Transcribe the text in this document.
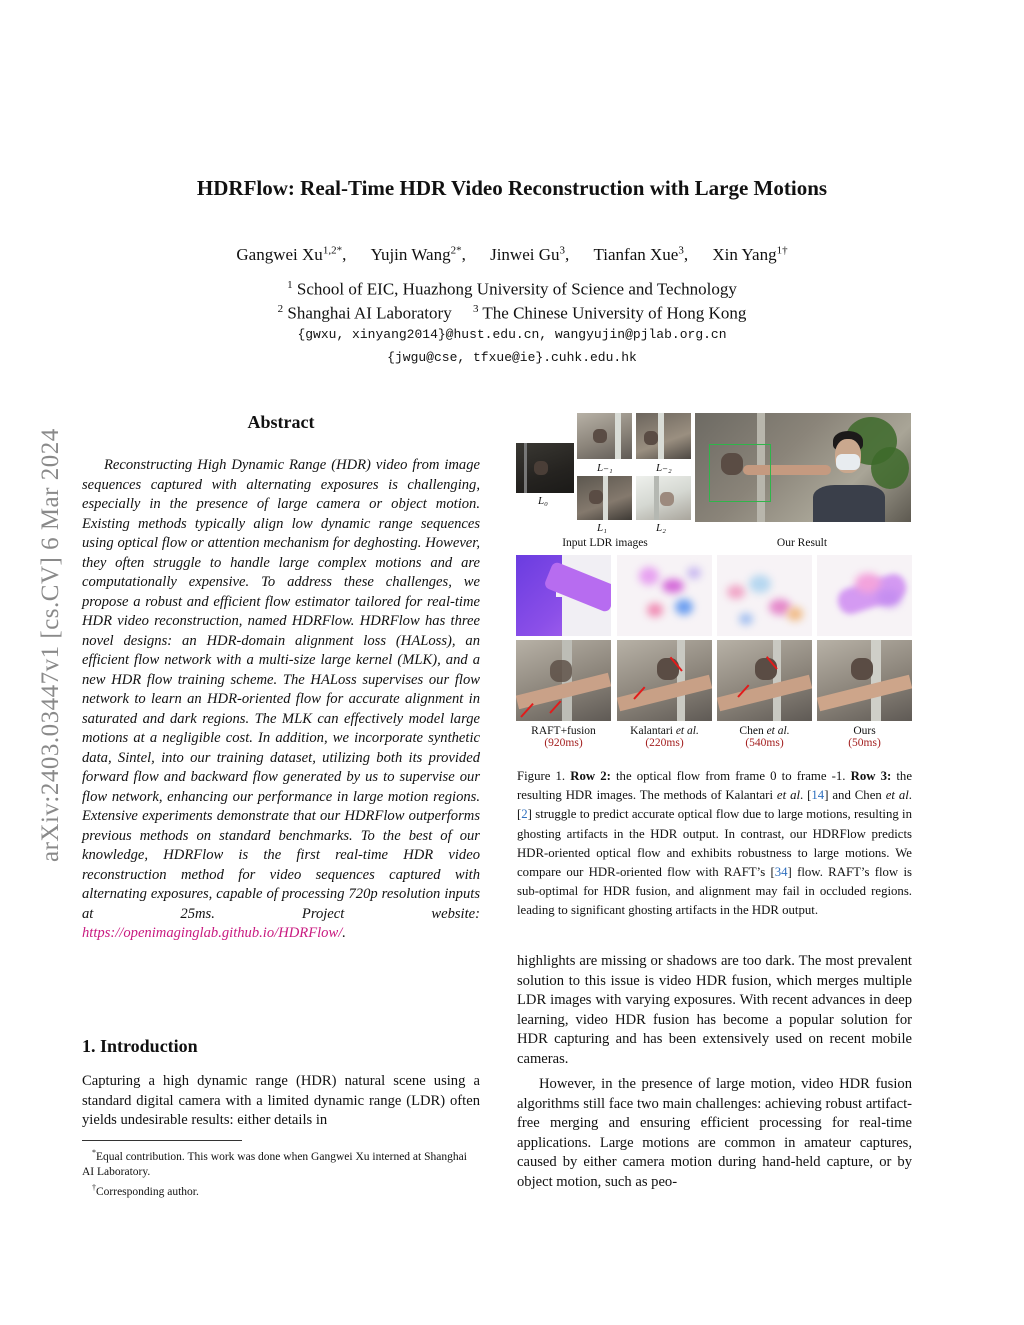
arXiv:2403.03447v1 [cs.CV] 6 Mar 2024
HDRFlow: Real-Time HDR Video Reconstruction with Large Motions
Gangwei $Xu^{1,2*}$, Yujin Wang$^{2*}$, Jinwei Gu$^3$, Tianfan Xue$^3$, Xin Yang$^{1\dagger}$
$^1$ School of EIC, Huazhong University of Science and Technology
$^2$ Shanghai AI Laboratory $^3$ The Chinese University of Hong Kong
{gwxu, xinyang2014}@hust.edu.cn, wangyujin@pjlab.org.cn
{jwgu@cse, tfxue@ie}.cuhk.edu.hk
Abstract
Reconstructing High Dynamic Range (HDR) video from image sequences captured with alternating exposures is challenging, especially in the presence of large camera or object motion. Existing methods typically align low dynamic range sequences using optical flow or attention mechanism for deghosting. However, they often struggle to handle large complex motions and are computationally expensive. To address these challenges, we propose a robust and efficient flow estimator tailored for real-time HDR video reconstruction, named HDRFlow. HDRFlow has three novel designs: an HDR-domain alignment loss (HALoss), an efficient flow network with a multi-size large kernel (MLK), and a new HDR flow training scheme. The HALoss supervises our flow network to learn an HDR-oriented flow for accurate alignment in saturated and dark regions. The MLK can effectively model large motions at a negligible cost. In addition, we incorporate synthetic data, Sintel, into our training dataset, utilizing both its provided forward flow and backward flow generated by us to supervise our flow network, enhancing our performance in large motion regions. Extensive experiments demonstrate that our HDRFlow outperforms previous methods on standard benchmarks. To the best of our knowledge, HDRFlow is the first real-time HDR video reconstruction method for video sequences captured with alternating exposures, capable of processing 720p resolution inputs at 25ms. Project website: https://openimaginglab.github.io/HDRFlow/.
1. Introduction
Capturing a high dynamic range (HDR) natural scene using a standard digital camera with a limited dynamic range (LDR) often yields undesirable results: either details in

*Equal contribution. This work was done when Gangwei Xu interned at Shanghai AI Laboratory.

†Corresponding author.

L₀
L₋₁	L₋₂
L₁	L₂
Input LDR images	Our Result
RAFT+fusion
(920ms)
Kalantari et al.
(220ms)
Chen et al.
(540ms)
Ours
(50ms)
Figure 1. Row 2: the optical flow from frame 0 to frame -1. Row 3: the resulting HDR images. The methods of Kalantari et al. [14] and Chen et al. [2] struggle to predict accurate optical flow due to large motions, resulting in ghosting artifacts in the HDR output. In contrast, our HDRFlow predicts HDR-oriented optical flow and exhibits robustness to large motions. We compare our HDR-oriented flow with RAFT’s [34] flow. RAFT’s flow is sub-optimal for HDR fusion, and alignment may fail in occluded regions. leading to significant ghosting artifacts in the HDR output.

highlights are missing or shadows are too dark. The most prevalent solution to this issue is video HDR fusion, which merges multiple LDR images with varying exposures. With recent advances in deep learning, video HDR fusion has become a popular solution for HDR capturing and has been extensively used on recent mobile cameras.

However, in the presence of large motion, video HDR fusion algorithms still face two main challenges: achieving robust artifact-free merging and ensuring efficient processing for real-time applications. Large motions are common in amateur captures, caused by either camera motion during hand-held capture, or by object motion, such as peo-
